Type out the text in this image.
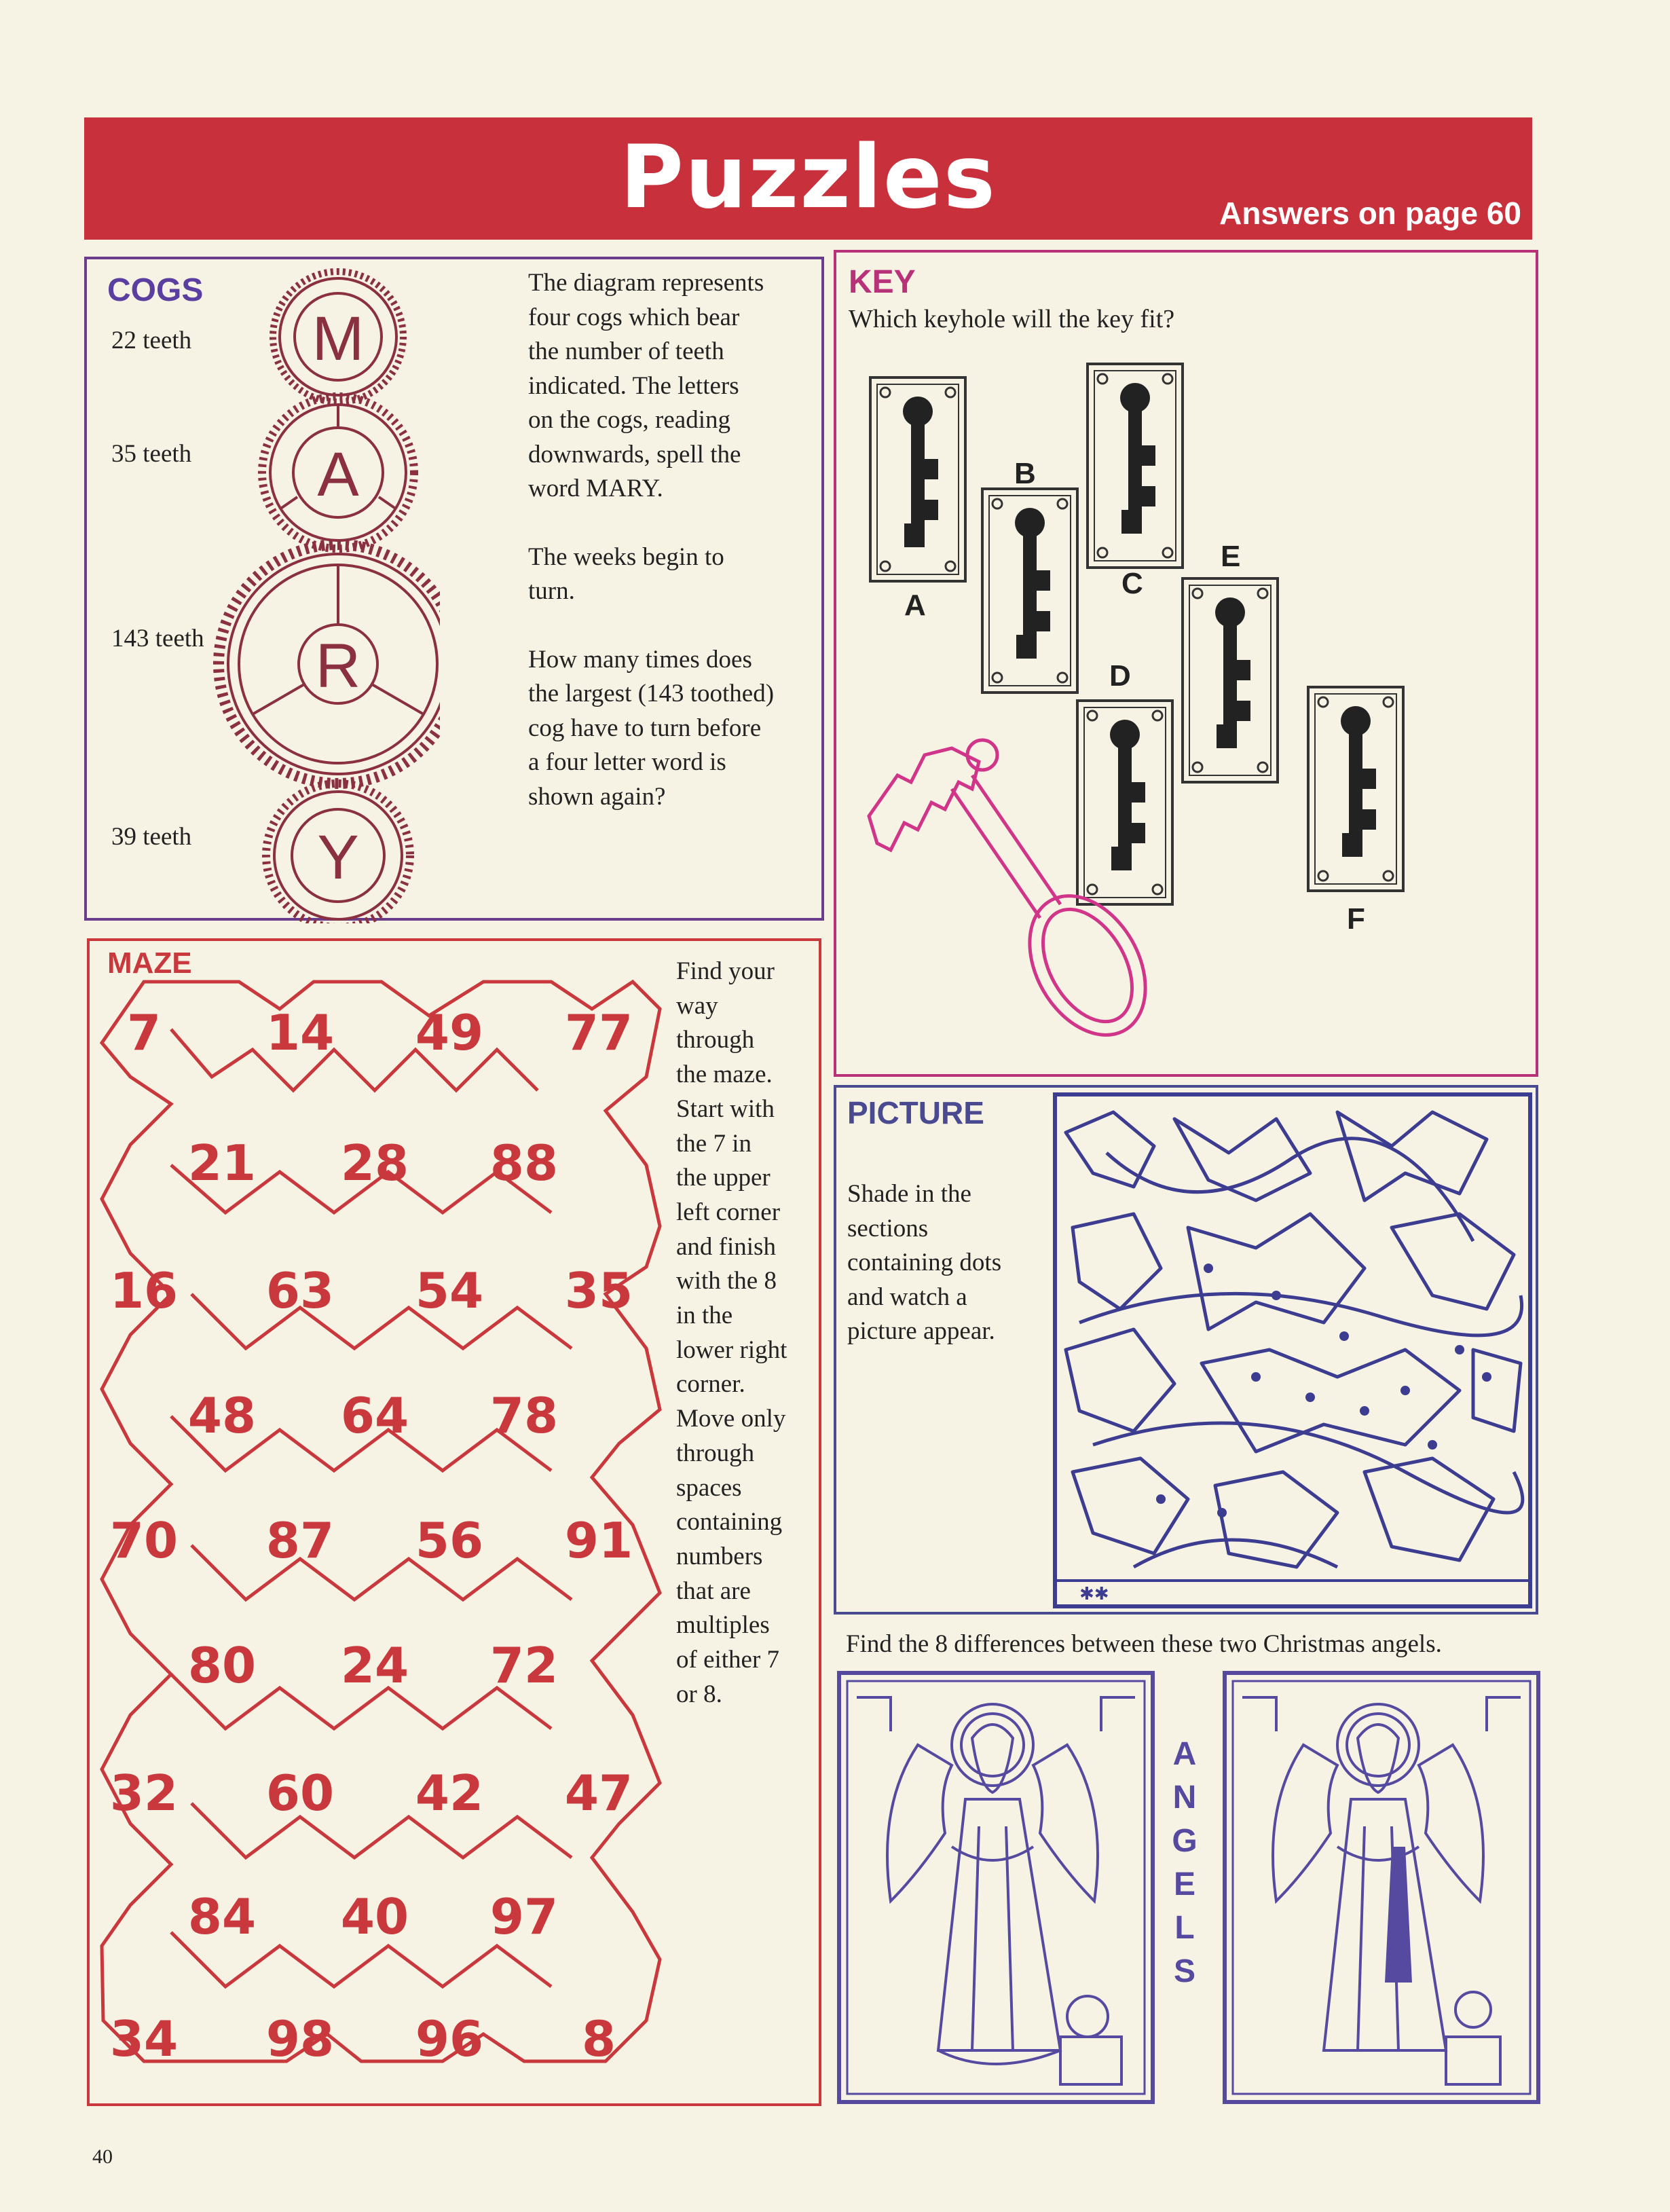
Puzzles	Answers on page 60
COGS
22 teeth
35 teeth
143 teeth
39 teeth
M
A
R
Y
The diagram represents
four cogs which bear
the number of teeth
indicated. The letters
on the cogs, reading
downwards, spell the
word MARY.
The weeks begin to
turn.
How many times does
the largest (143 toothed)
cog have to turn before
a four letter word is
shown again?
KEY
Which keyhole will the key fit?
A
B
C
D
E
F
MAZE
7 14 49 77
21 28 88
16 63 54 35
48 64 78
70 87 56 91
80 24 72
32 60 42 47
84 40 97
34 98 96 8
Find your
way
through
the maze.
Start with
the 7 in
the upper
left corner
and finish
with the 8
in the
lower right
corner.
Move only
through
spaces
containing
numbers
that are
multiples
of either 7
or 8.
PICTURE
Shade in the
sections
containing dots
and watch a
picture appear.
✱✱
Find the 8 differences between these two Christmas angels.
A
N
G
E
L
S
40
